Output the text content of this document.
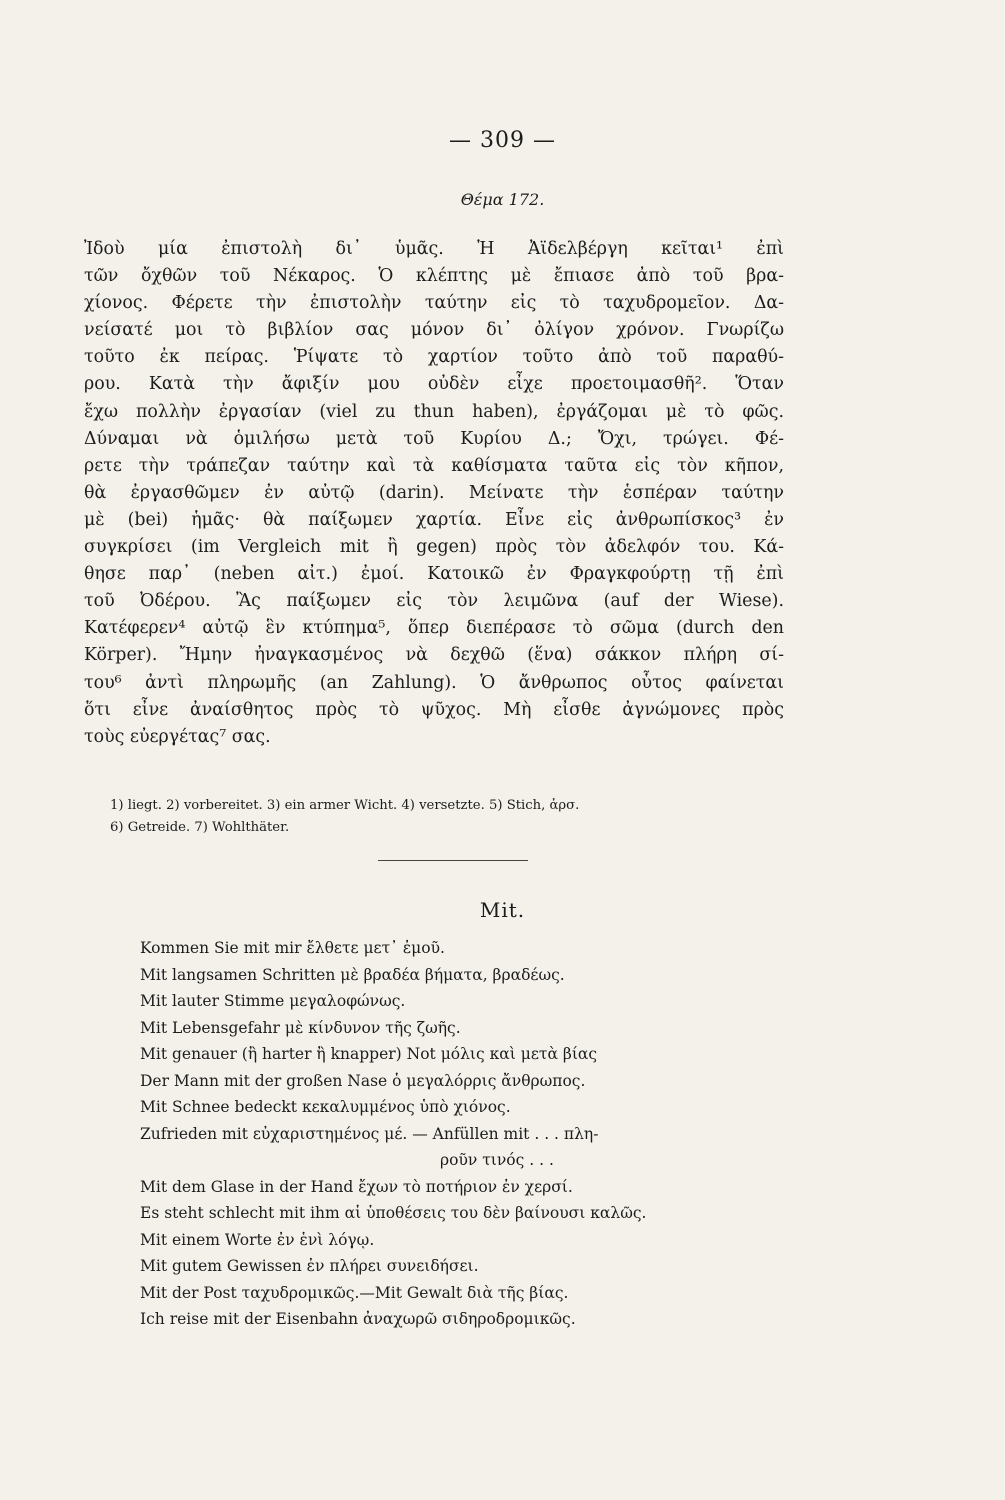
— 309 —
Θέμα 172.
Ἰδοὺ μία ἐπιστολὴ δι᾽ ὑμᾶς. Ἡ Ἀϊδελβέργη κεῖται¹ ἐπὶ
τῶν ὄχθῶν τοῦ Νέκαρος. Ὁ κλέπτης μὲ ἔπιασε ἀπὸ τοῦ βρα-
χίονος. Φέρετε τὴν ἐπιστολὴν ταύτην εἰς τὸ ταχυδρομεῖον. Δα-
νείσατέ μοι τὸ βιβλίον σας μόνον δι᾽ ὀλίγον χρόνον. Γνωρίζω
τοῦτο ἐκ πείρας. Ῥίψατε τὸ χαρτίον τοῦτο ἀπὸ τοῦ παραθύ-
ρου. Κατὰ τὴν ἄφιξίν μου οὐδὲν εἶχε προετοιμασθῆ². Ὅταν
ἔχω πολλὴν ἐργασίαν (viel zu thun haben), ἐργάζομαι μὲ τὸ φῶς.
Δύναμαι νὰ ὁμιλήσω μετὰ τοῦ Κυρίου Δ.; Ὄχι, τρώγει. Φέ-
ρετε τὴν τράπεζαν ταύτην καὶ τὰ καθίσματα ταῦτα εἰς τὸν κῆπον,
θὰ ἐργασθῶμεν ἐν αὐτῷ (darin). Μείνατε τὴν ἑσπέραν ταύτην
μὲ (bei) ἡμᾶς· θὰ παίξωμεν χαρτία. Εἶνε εἰς ἀνθρωπίσκος³ ἐν
συγκρίσει (im Vergleich mit ἢ gegen) πρὸς τὸν ἀδελφόν του. Κά-
θησε παρ᾽ (neben αἰτ.) ἐμοί. Κατοικῶ ἐν Φραγκφούρτῃ τῇ ἐπὶ
τοῦ Ὀδέρου. Ἂς παίξωμεν εἰς τὸν λειμῶνα (auf der Wiese).
Κατέφερεν⁴ αὐτῷ ἓν κτύπημα⁵, ὅπερ διεπέρασε τὸ σῶμα (durch den
Körper). Ἤμην ἠναγκασμένος νὰ δεχθῶ (ἕνα) σάκκον πλήρη σί-
του⁶ ἀντὶ πληρωμῆς (an Zahlung). Ὁ ἄνθρωπος οὗτος φαίνεται
ὅτι εἶνε ἀναίσθητος πρὸς τὸ ψῦχος. Μὴ εἶσθε ἀγνώμονες πρὸς
τοὺς εὐεργέτας⁷ σας.
1) liegt. 2) vorbereitet. 3) ein armer Wicht. 4) versetzte. 5) Stich, ἀρσ.
6) Getreide. 7) Wohlthäter.
Mit.
Kommen Sie mit mir ἔλθετε μετ᾽ ἐμοῦ.
Mit langsamen Schritten μὲ βραδέα βήματα, βραδέως.
Mit lauter Stimme μεγαλοφώνως.
Mit Lebensgefahr μὲ κίνδυνον τῆς ζωῆς.
Mit genauer (ἢ harter ἢ knapper) Not μόλις καὶ μετὰ βίας
Der Mann mit der großen Nase ὁ μεγαλόρρις ἄνθρωπος.
Mit Schnee bedeckt κεκαλυμμένος ὑπὸ χιόνος.
Zufrieden mit εὐχαριστημένος μέ. — Anfüllen mit . . . πλη-
ροῦν τινός . . .
Mit dem Glase in der Hand ἔχων τὸ ποτήριον ἐν χερσί.
Es steht schlecht mit ihm αἱ ὑποθέσεις του δὲν βαίνουσι καλῶς.
Mit einem Worte ἐν ἑνὶ λόγῳ.
Mit gutem Gewissen ἐν πλήρει συνειδήσει.
Mit der Post ταχυδρομικῶς.—Mit Gewalt διὰ τῆς βίας.
Ich reise mit der Eisenbahn ἀναχωρῶ σιδηροδρομικῶς.
